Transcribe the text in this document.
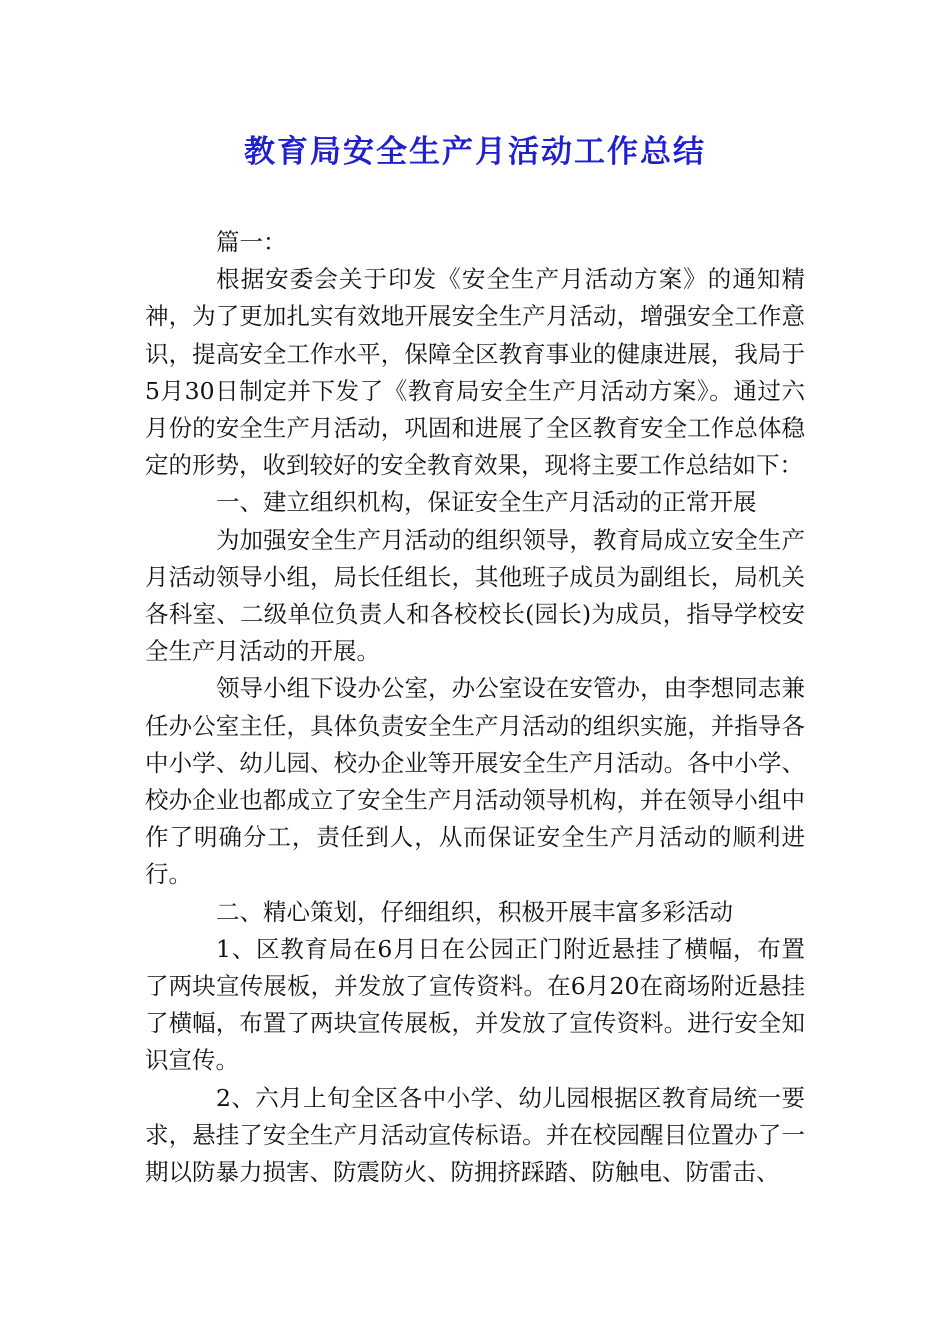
教育局安全生产月活动工作总结

篇一：

根据安委会关于印发《安全生产月活动方案》的通知精神，为了更加扎实有效地开展安全生产月活动，增强安全工作意识，提高安全工作水平，保障全区教育事业的健康进展，我局于5月30日制定并下发了《教育局安全生产月活动方案》。通过六月份的安全生产月活动，巩固和进展了全区教育安全工作总体稳定的形势，收到较好的安全教育效果，现将主要工作总结如下：

一、建立组织机构，保证安全生产月活动的正常开展

为加强安全生产月活动的组织领导，教育局成立安全生产月活动领导小组，局长任组长，其他班子成员为副组长，局机关各科室、二级单位负责人和各校校长(园长)为成员，指导学校安全生产月活动的开展。

领导小组下设办公室，办公室设在安管办，由李想同志兼任办公室主任，具体负责安全生产月活动的组织实施，并指导各中小学、幼儿园、校办企业等开展安全生产月活动。各中小学、校办企业也都成立了安全生产月活动领导机构，并在领导小组中作了明确分工，责任到人，从而保证安全生产月活动的顺利进行。

二、精心策划，仔细组织，积极开展丰富多彩活动

1、区教育局在6月日在公园正门附近悬挂了横幅，布置了两块宣传展板，并发放了宣传资料。在6月20在商场附近悬挂了横幅，布置了两块宣传展板，并发放了宣传资料。进行安全知识宣传。

2、六月上旬全区各中小学、幼儿园根据区教育局统一要求，悬挂了安全生产月活动宣传标语。并在校园醒目位置办了一期以防暴力损害、防震防火、防拥挤踩踏、防触电、防雷击、
